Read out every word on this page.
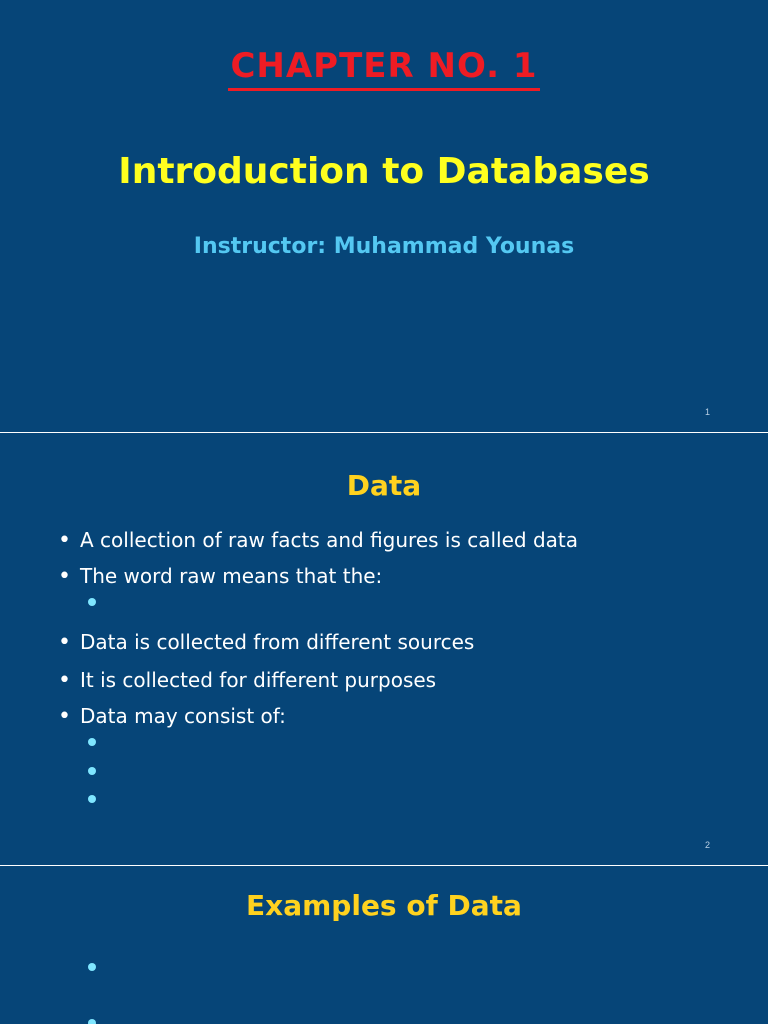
CHAPTER NO. 1
Introduction to Databases

Instructor: Muhammad Younas

1
Data
• A collection of raw facts and figures is called data
• The word raw means that the:
• Data is collected from different sources
• It is collected for different purposes
• Data may consist of:
2
Examples of Data
